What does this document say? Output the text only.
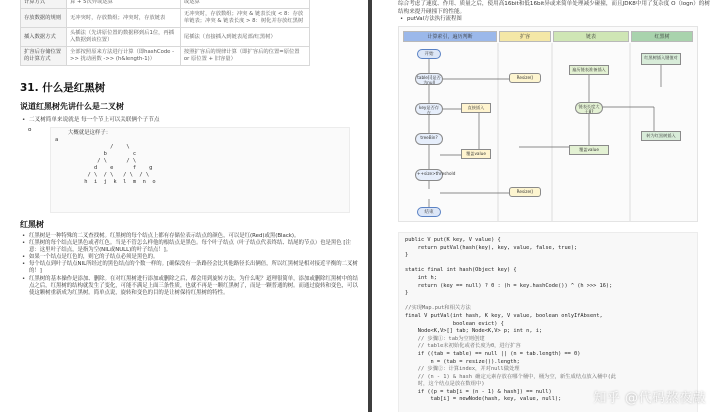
计算方式	算 + 5次异或运算	或运算
存放数据的规则	无冲突时，存放数组；冲突时，存放链表	无冲突时，存放数组；冲突 & 链表长度 < 8：存放单链表；冲突 & 链表长度 > 8：树化并存放红黑树
插入数据方式	头插法（先讲原位置的数据移到后1位，再插入数据到该位置）	尾插法（直接插入到链表尾部/红黑树）
扩容后存储位置的计算方式	全部按照原来方法进行计算（即hashCode ->> 扰动函数 ->> (h&length-1)）	按照扩容后的规律计算（即扩容后的位置=原位置 or 原位置 + 旧容量）
31. 什么是红黑树
说道红黑树先讲什么是二叉树
• 二叉树简单来说就是 每一个节上可以关联俩个子节点
o	大概就是这样子：
a
/    \
b        c
/ \      / \
d    e      f    g
/ \  / \   / \  / \
h  i  j  k  l  m  n  o
红黑树
• 红黑树是一种特殊的二叉查找树。红黑树的每个结点上都有存储位表示结点的颜色，可以是红(Red)或黑(Black)。
• 红黑树的每个结点是黑色或者红色。当是不管怎么样他的根结点是黑色。每个叶子结点（叶子结点代表终结、结尾的节点）也是黑色 [注意：这里叶子结点，是指为空(NIL或NULL)的叶子结点！]。
• 如果一个结点是红色的，则它的子结点必须是黑色的。
• 每个结点到叶子结点NIL所经过的黑色结点的个数一样的。[确保没有一条路径会比其他路径长出俩倍，所以红黑树是相对接近平衡的二叉树的！]
• 红黑树的基本操作是添加、删除。在对红黑树进行添加或删除之后，都会用到旋转方法。为什么呢？道理很简单，添加或删除红黑树中的结点之后，红黑树的结构就发生了变化，可能不满足上面三条性质，也就不再是一颗红黑树了，而是一颗普通的树。而通过旋转和变色，可以使这颗树重新成为红黑树。简单点说，旋转和变色的目的是让树保持红黑树的特性。
综合考虑了速度、作用、质量之后，使用高16bit和低16bit异或来简单处理减少碰撞，而且JDK8中用了复杂度 O（logn）的树结构来提升碰撞下的性能。
• putVal方法执行流程图
计算索引，遍历判断	扩容	链表	红黑树
开始
table[i]是否为null
Resize()
key是否存在
直接插入
treeBin?
覆盖value
++size>threshold
Resize()
结束
遍历链表准备插入
链表长度大于8?
覆盖value
红黑树插入键值对
转为红黑树插入
public V put(K key, V value) {
return putVal(hash(key), key, value, false, true);
}

static final int hash(Object key) {
int h;
return (key == null) ? 0 : (h = key.hashCode()) ^ (h >>> 16);
}

//实现Map.put和相关方法
final V putVal(int hash, K key, V value, boolean onlyIfAbsent,
boolean evict) {
Node<K,V>[] tab; Node<K,V> p; int n, i;
// 步骤①：tab为空则创建
// table未初始化或者长度为0，进行扩容
if ((tab = table) == null || (n = tab.length) == 0)
n = (tab = resize()).length;
// 步骤②：计算index，并对null做处理
// (n - 1) & hash 确定元素存放在哪个桶中，桶为空，新生成结点放入桶中(此
时，这个结点是放在数组中)
if ((p = tab[i = (n - 1) & hash]) == null)
tab[i] = newNode(hash, key, value, null);	知乎 @代码熬夜敲
